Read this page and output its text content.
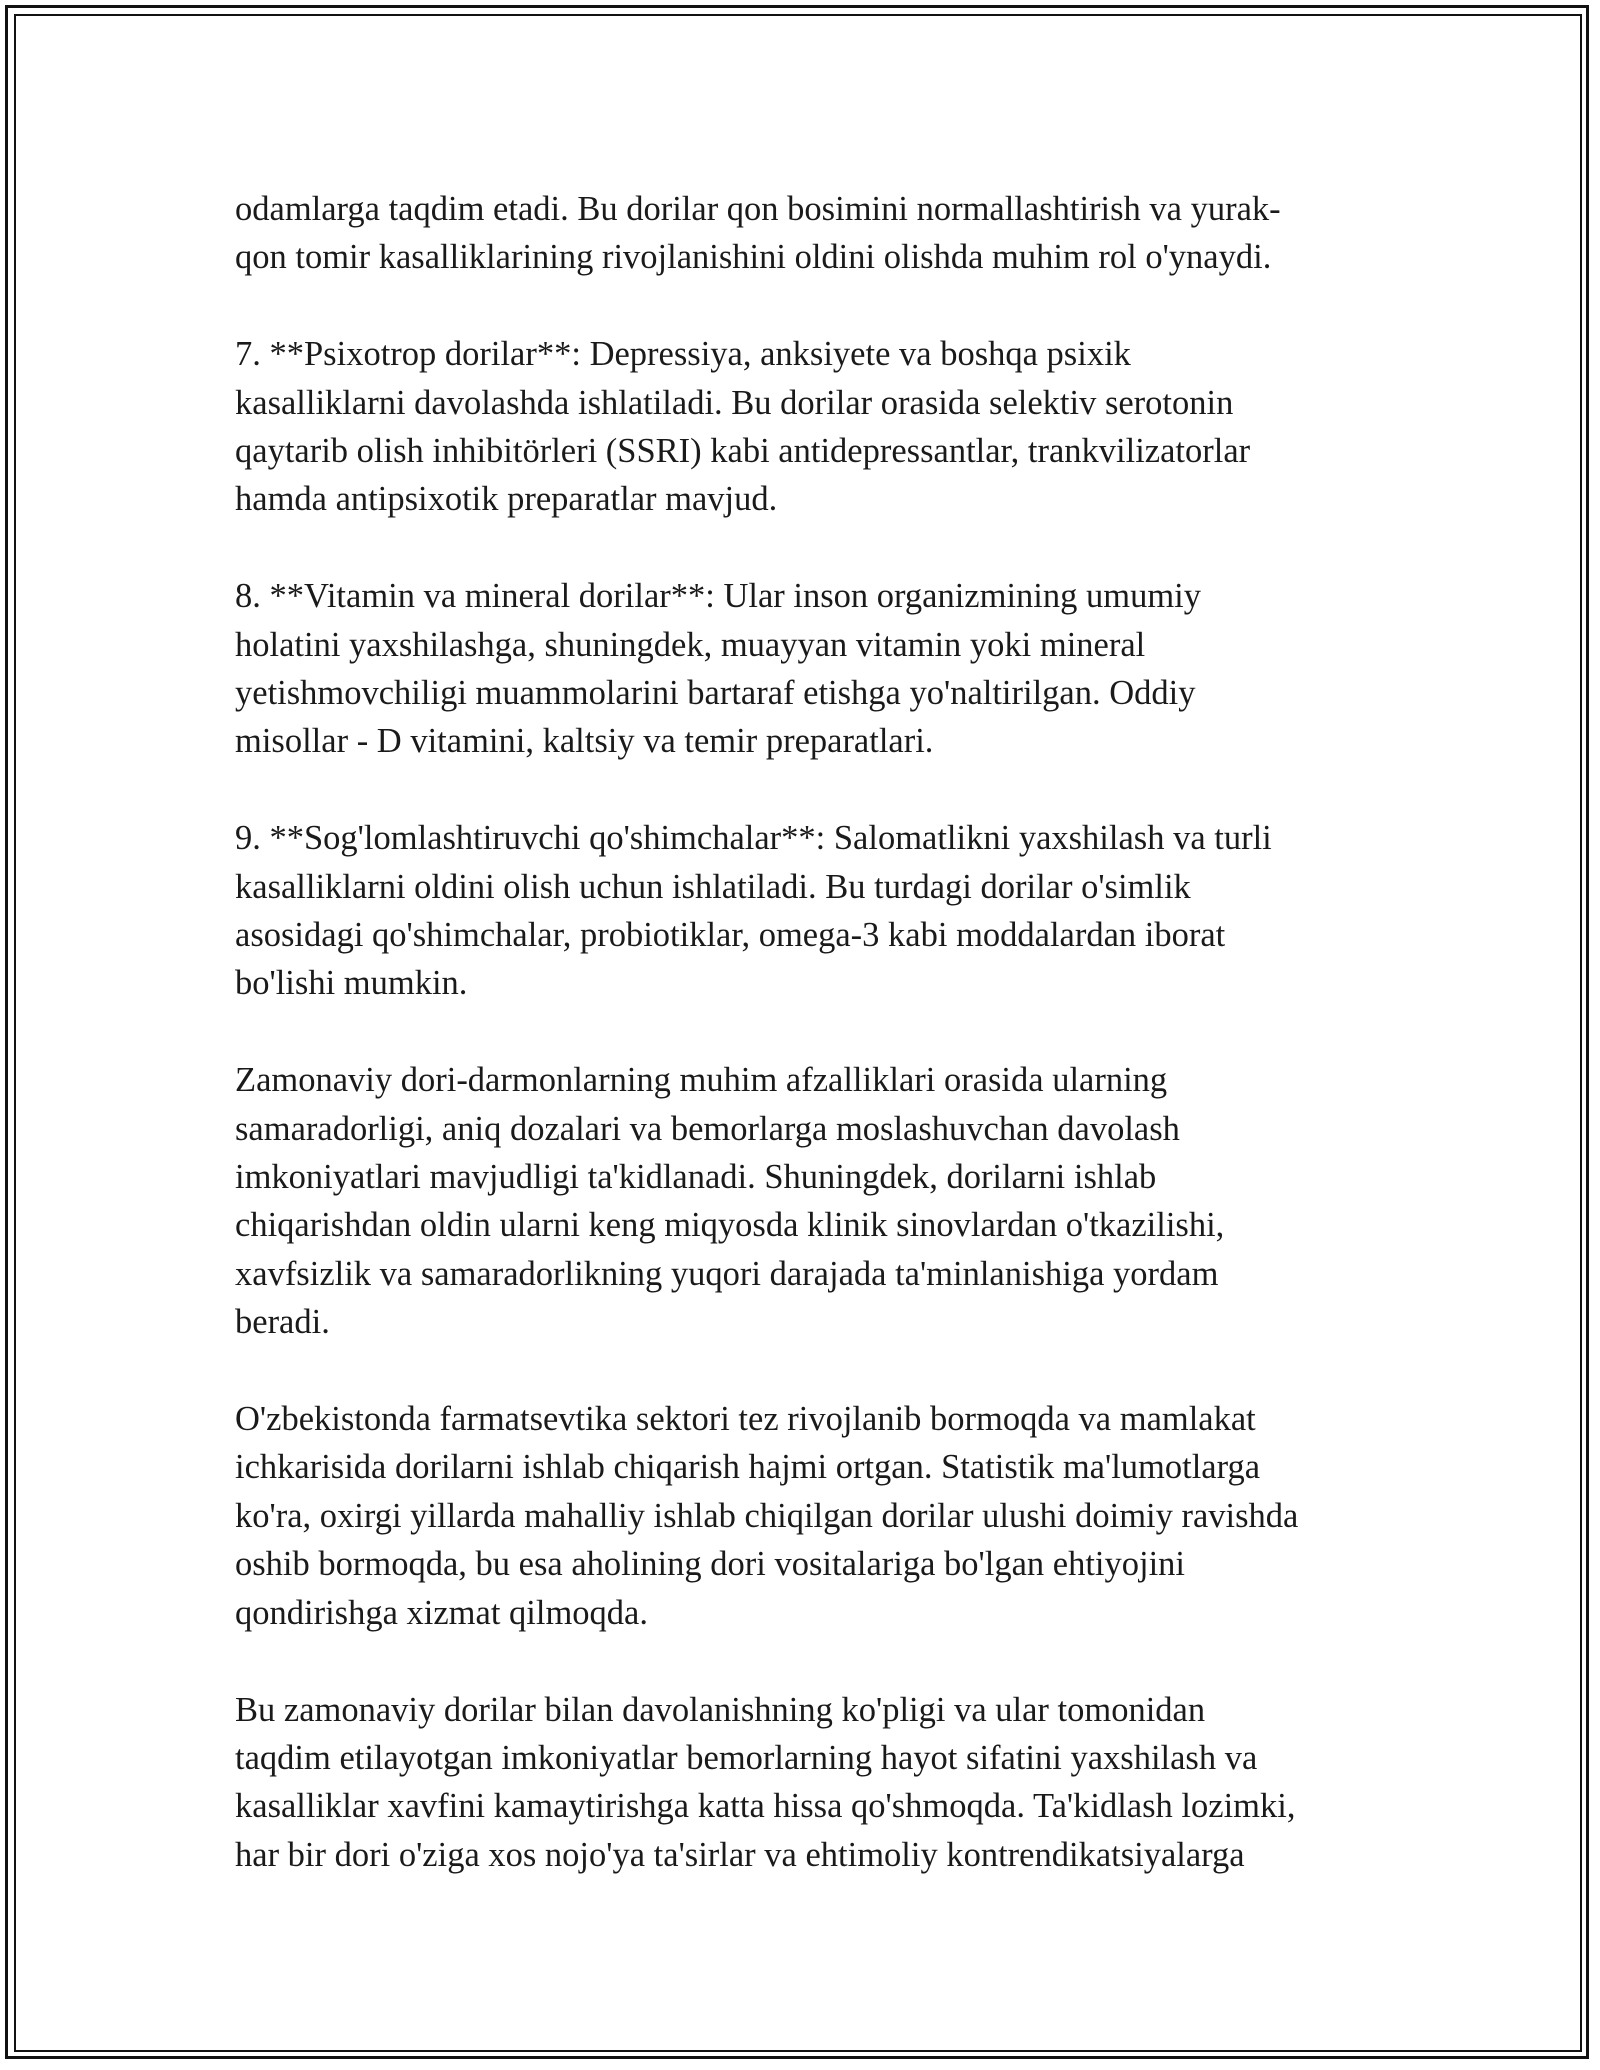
odamlarga taqdim etadi. Bu dorilar qon bosimini normallashtirish va yurak-
qon tomir kasalliklarining rivojlanishini oldini olishda muhim rol o'ynaydi.

7. **Psixotrop dorilar**: Depressiya, anksiyete va boshqa psixik
kasalliklarni davolashda ishlatiladi. Bu dorilar orasida selektiv serotonin
qaytarib olish inhibitörleri (SSRI) kabi antidepressantlar, trankvilizatorlar
hamda antipsixotik preparatlar mavjud.

8. **Vitamin va mineral dorilar**: Ular inson organizmining umumiy
holatini yaxshilashga, shuningdek, muayyan vitamin yoki mineral
yetishmovchiligi muammolarini bartaraf etishga yo'naltirilgan. Oddiy
misollar - D vitamini, kaltsiy va temir preparatlari.

9. **Sog'lomlashtiruvchi qo'shimchalar**: Salomatlikni yaxshilash va turli
kasalliklarni oldini olish uchun ishlatiladi. Bu turdagi dorilar o'simlik
asosidagi qo'shimchalar, probiotiklar, omega-3 kabi moddalardan iborat
bo'lishi mumkin.

Zamonaviy dori-darmonlarning muhim afzalliklari orasida ularning
samaradorligi, aniq dozalari va bemorlarga moslashuvchan davolash
imkoniyatlari mavjudligi ta'kidlanadi. Shuningdek, dorilarni ishlab
chiqarishdan oldin ularni keng miqyosda klinik sinovlardan o'tkazilishi,
xavfsizlik va samaradorlikning yuqori darajada ta'minlanishiga yordam
beradi.

O'zbekistonda farmatsevtika sektori tez rivojlanib bormoqda va mamlakat
ichkarisida dorilarni ishlab chiqarish hajmi ortgan. Statistik ma'lumotlarga
ko'ra, oxirgi yillarda mahalliy ishlab chiqilgan dorilar ulushi doimiy ravishda
oshib bormoqda, bu esa aholining dori vositalariga bo'lgan ehtiyojini
qondirishga xizmat qilmoqda.

Bu zamonaviy dorilar bilan davolanishning ko'pligi va ular tomonidan
taqdim etilayotgan imkoniyatlar bemorlarning hayot sifatini yaxshilash va
kasalliklar xavfini kamaytirishga katta hissa qo'shmoqda. Ta'kidlash lozimki,
har bir dori o'ziga xos nojo'ya ta'sirlar va ehtimoliy kontrendikatsiyalarga
